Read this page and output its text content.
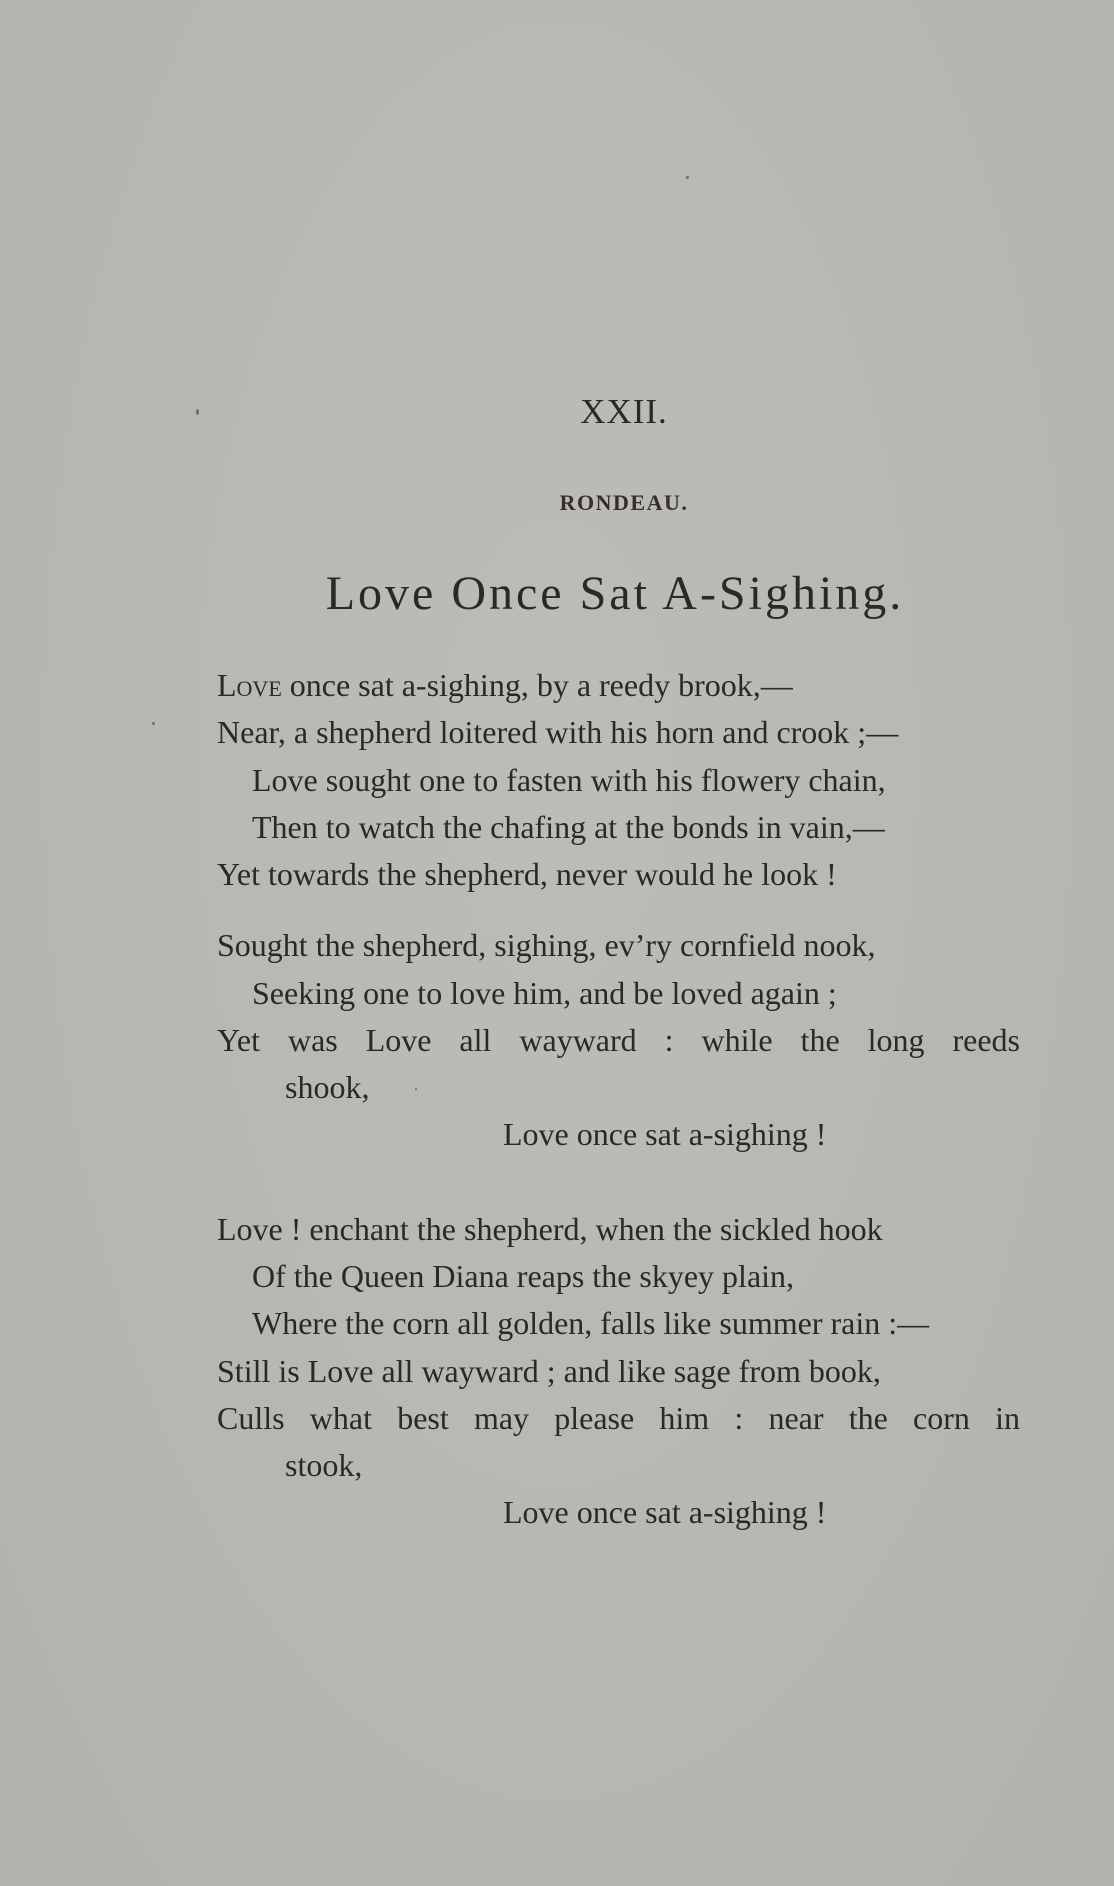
XXII.
RONDEAU.
Love Once Sat A-Sighing.
Love once sat a-sighing, by a reedy brook,—
Near, a shepherd loitered with his horn and crook ;—
Love sought one to fasten with his flowery chain,
Then to watch the chafing at the bonds in vain,—
Yet towards the shepherd, never would he look !
Sought the shepherd, sighing, ev’ry cornfield nook,
Seeking one to love him, and be loved again ;
Yet was Love all wayward : while the long reeds
shook,
Love once sat a-sighing !
Love ! enchant the shepherd, when the sickled hook
Of the Queen Diana reaps the skyey plain,
Where the corn all golden, falls like summer rain :—
Still is Love all wayward ; and like sage from book,
Culls what best may please him : near the corn in
stook,
Love once sat a-sighing !
